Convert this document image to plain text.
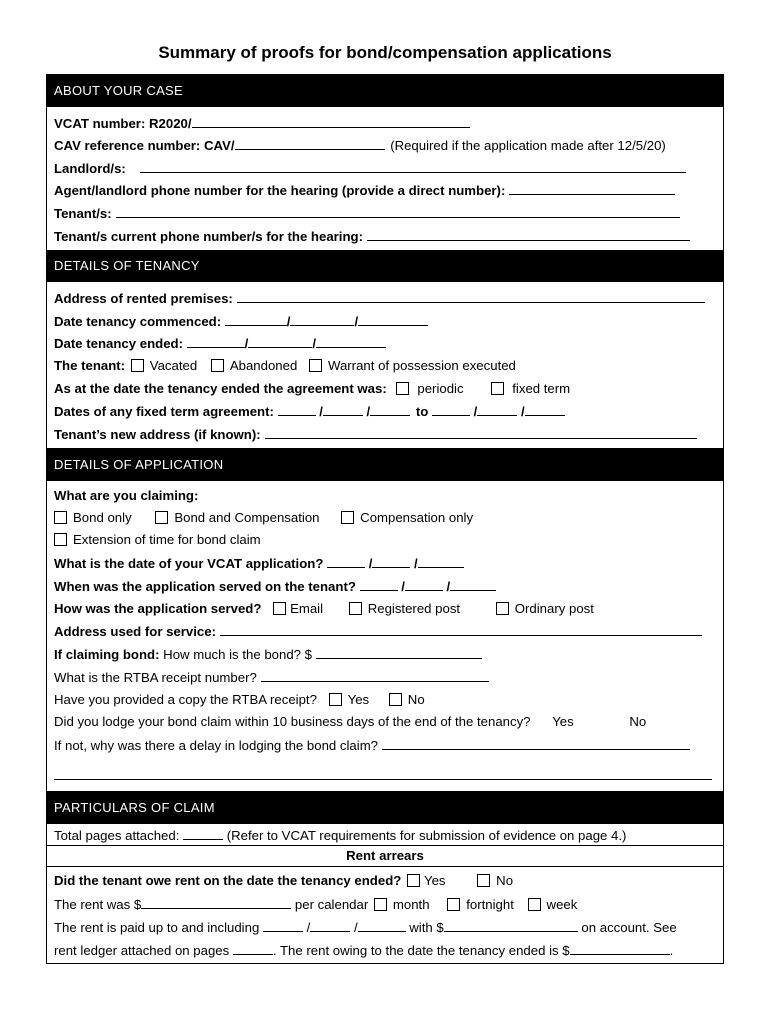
Summary of proofs for bond/compensation applications
ABOUT YOUR CASE
VCAT number: R2020/
CAV reference number: CAV/	(Required if the application made after 12/5/20)
Landlord/s:
Agent/landlord phone number for the hearing (provide a direct number):
Tenant/s:
Tenant/s current phone number/s for the hearing:
DETAILS OF TENANCY
Address of rented premises:
Date tenancy commenced:	/	/
Date tenancy ended:	/	/
The tenant: Vacated Abandoned Warrant of possession executed
As at the date the tenancy ended the agreement was: periodic	fixed term
Dates of any fixed term agreement:	/	/	to	/	/
Tenant’s new address (if known):
DETAILS OF APPLICATION
What are you claiming:
Bond only	Bond and Compensation	Compensation only
Extension of time for bond claim
What is the date of your VCAT application?	/	/
When was the application served on the tenant?	/	/
How was the application served? Email	Registered post	Ordinary post
Address used for service:
If claiming bond: How much is the bond? $
What is the RTBA receipt number?
Have you provided a copy the RTBA receipt? Yes	No
Did you lodge your bond claim within 10 business days of the end of the tenancy? Yes	No
If not, why was there a delay in lodging the bond claim?
PARTICULARS OF CLAIM
Total pages attached:	(Refer to VCAT requirements for submission of evidence on page 4.)
Rent arrears
Did the tenant owe rent on the date the tenancy ended? Yes	No
The rent was $	per calendar month	fortnight week
The rent is paid up to and including	/	/	with $	on account. See
rent ledger attached on pages	. The rent owing to the date the tenancy ended is $	.
